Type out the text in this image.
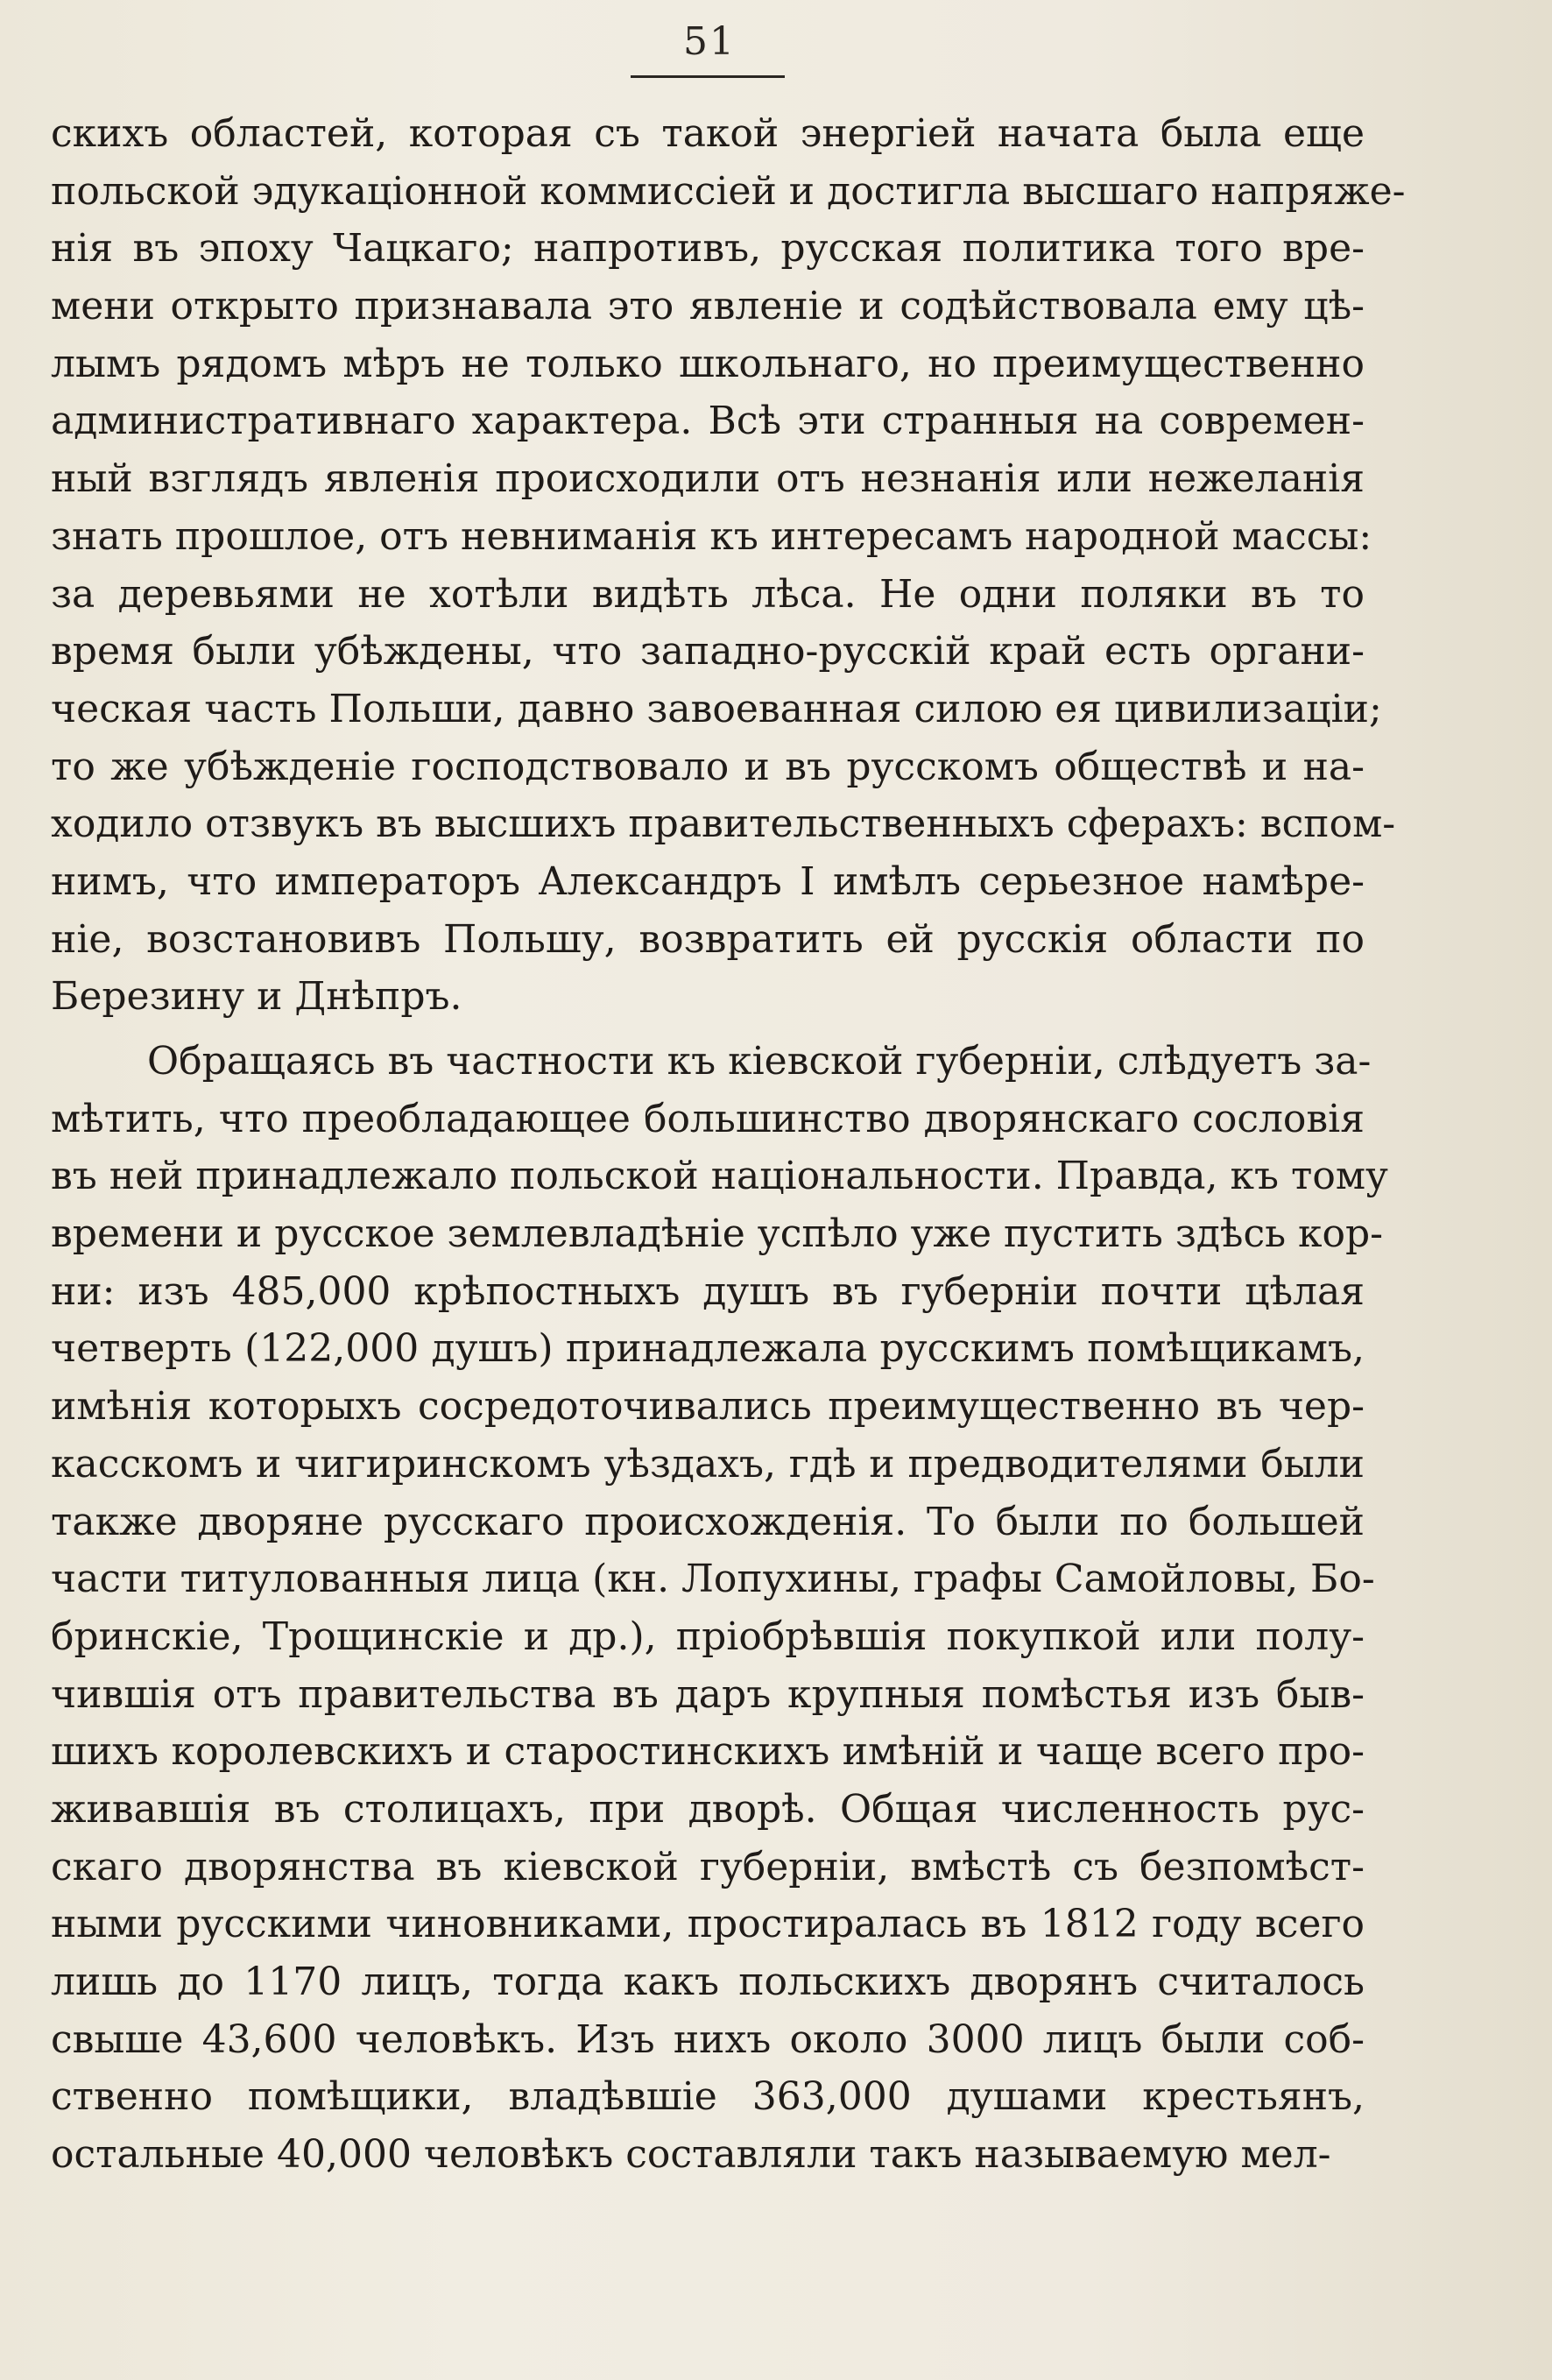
51
скихъ областей, которая съ такой энергіей начата была еще
польской эдукаціонной коммиссіей и достигла высшаго напряже-
нія въ эпоху Чацкаго; напротивъ, русская политика того вре-
мени открыто признавала это явленіе и содѣйствовала ему цѣ-
лымъ рядомъ мѣръ не только школьнаго, но преимущественно
административнаго характера. Всѣ эти странныя на современ-
ный взглядъ явленія происходили отъ незнанія или нежеланія
знать прошлое, отъ невниманія къ интересамъ народной массы:
за деревьями не хотѣли видѣть лѣса. Не одни поляки въ то
время были убѣждены, что западно-русскій край есть органи-
ческая часть Польши, давно завоеванная силою ея цивилизаціи;
то же убѣжденіе господствовало и въ русскомъ обществѣ и на-
ходило отзвукъ въ высшихъ правительственныхъ сферахъ: вспом-
нимъ, что императоръ Александръ I имѣлъ серьезное намѣре-
ніе, возстановивъ Польшу, возвратить ей русскія области по
Березину и Днѣпръ.
Обращаясь въ частности къ кіевской губерніи, слѣдуетъ за-
мѣтить, что преобладающее большинство дворянскаго сословія
въ ней принадлежало польской національности. Правда, къ тому
времени и русское землевладѣніе успѣло уже пустить здѣсь кор-
ни: изъ 485,000 крѣпостныхъ душъ въ губерніи почти цѣлая
четверть (122,000 душъ) принадлежала русскимъ помѣщикамъ,
имѣнія которыхъ сосредоточивались преимущественно въ чер-
касскомъ и чигиринскомъ уѣздахъ, гдѣ и предводителями были
также дворяне русскаго происхожденія. То были по большей
части титулованныя лица (кн. Лопухины, графы Самойловы, Бо-
бринскіе, Трощинскіе и др.), пріобрѣвшія покупкой или полу-
чившія отъ правительства въ даръ крупныя помѣстья изъ быв-
шихъ королевскихъ и старостинскихъ имѣній и чаще всего про-
живавшія въ столицахъ, при дворѣ. Общая численность рус-
скаго дворянства въ кіевской губерніи, вмѣстѣ съ безпомѣст-
ными русскими чиновниками, простиралась въ 1812 году всего
лишь до 1170 лицъ, тогда какъ польскихъ дворянъ считалось
свыше 43,600 человѣкъ. Изъ нихъ около 3000 лицъ были соб-
ственно помѣщики, владѣвшіе 363,000 душами крестьянъ,
остальные 40,000 человѣкъ составляли такъ называемую мел-
